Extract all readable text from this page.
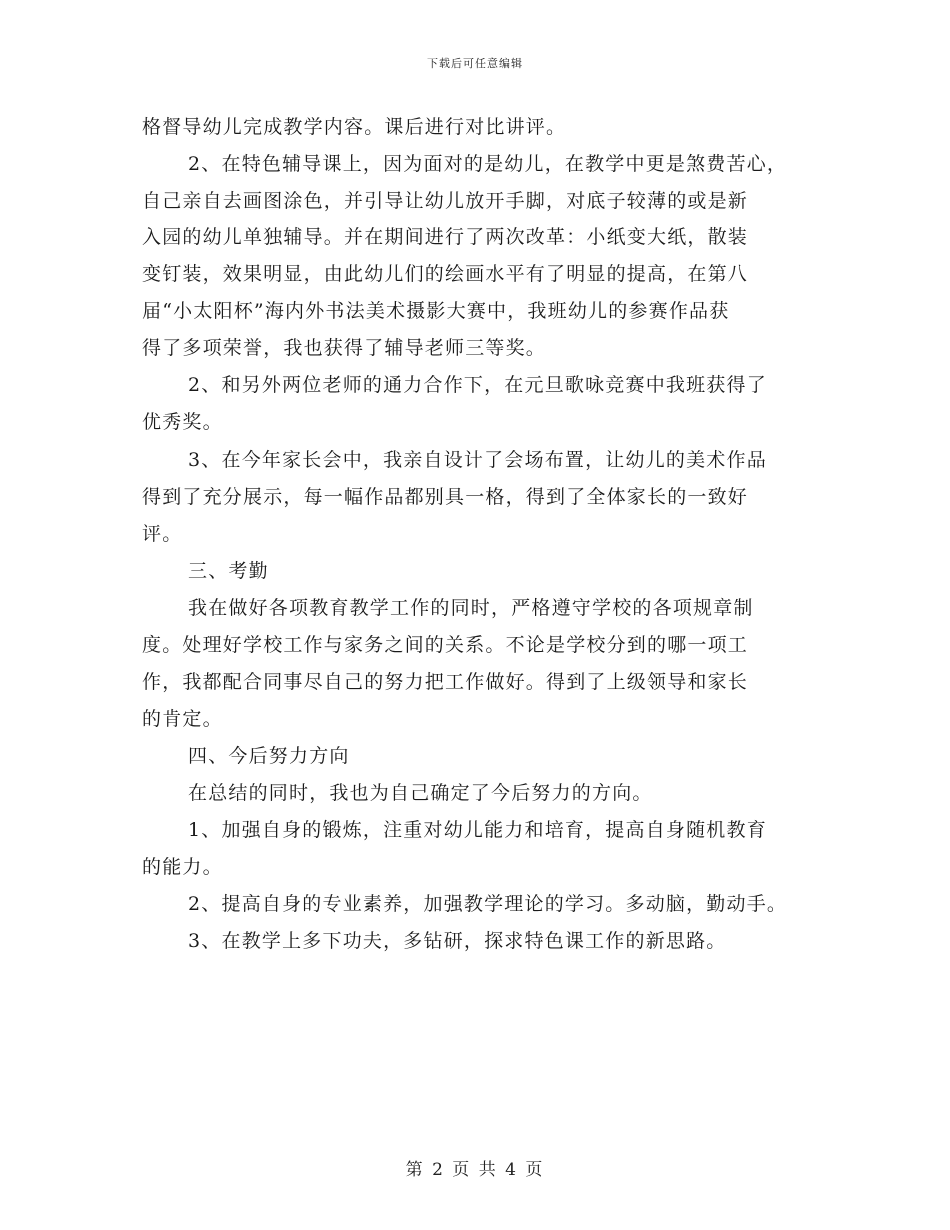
下载后可任意编辑
格督导幼儿完成教学内容。课后进行对比讲评。
2、在特色辅导课上，因为面对的是幼儿，在教学中更是煞费苦心，
自己亲自去画图涂色，并引导让幼儿放开手脚，对底子较薄的或是新
入园的幼儿单独辅导。并在期间进行了两次改革：小纸变大纸，散装
变钉装，效果明显，由此幼儿们的绘画水平有了明显的提高，在第八
届“小太阳杯”海内外书法美术摄影大赛中，我班幼儿的参赛作品获
得了多项荣誉，我也获得了辅导老师三等奖。
2、和另外两位老师的通力合作下，在元旦歌咏竞赛中我班获得了
优秀奖。
3、在今年家长会中，我亲自设计了会场布置，让幼儿的美术作品
得到了充分展示，每一幅作品都别具一格，得到了全体家长的一致好
评。
三、考勤
我在做好各项教育教学工作的同时，严格遵守学校的各项规章制
度。处理好学校工作与家务之间的关系。不论是学校分到的哪一项工
作，我都配合同事尽自己的努力把工作做好。得到了上级领导和家长
的肯定。
四、今后努力方向
在总结的同时，我也为自己确定了今后努力的方向。
1、加强自身的锻炼，注重对幼儿能力和培育，提高自身随机教育
的能力。
2、提高自身的专业素养，加强教学理论的学习。多动脑，勤动手。
3、在教学上多下功夫，多钻研，探求特色课工作的新思路。
第 2 页 共 4 页
